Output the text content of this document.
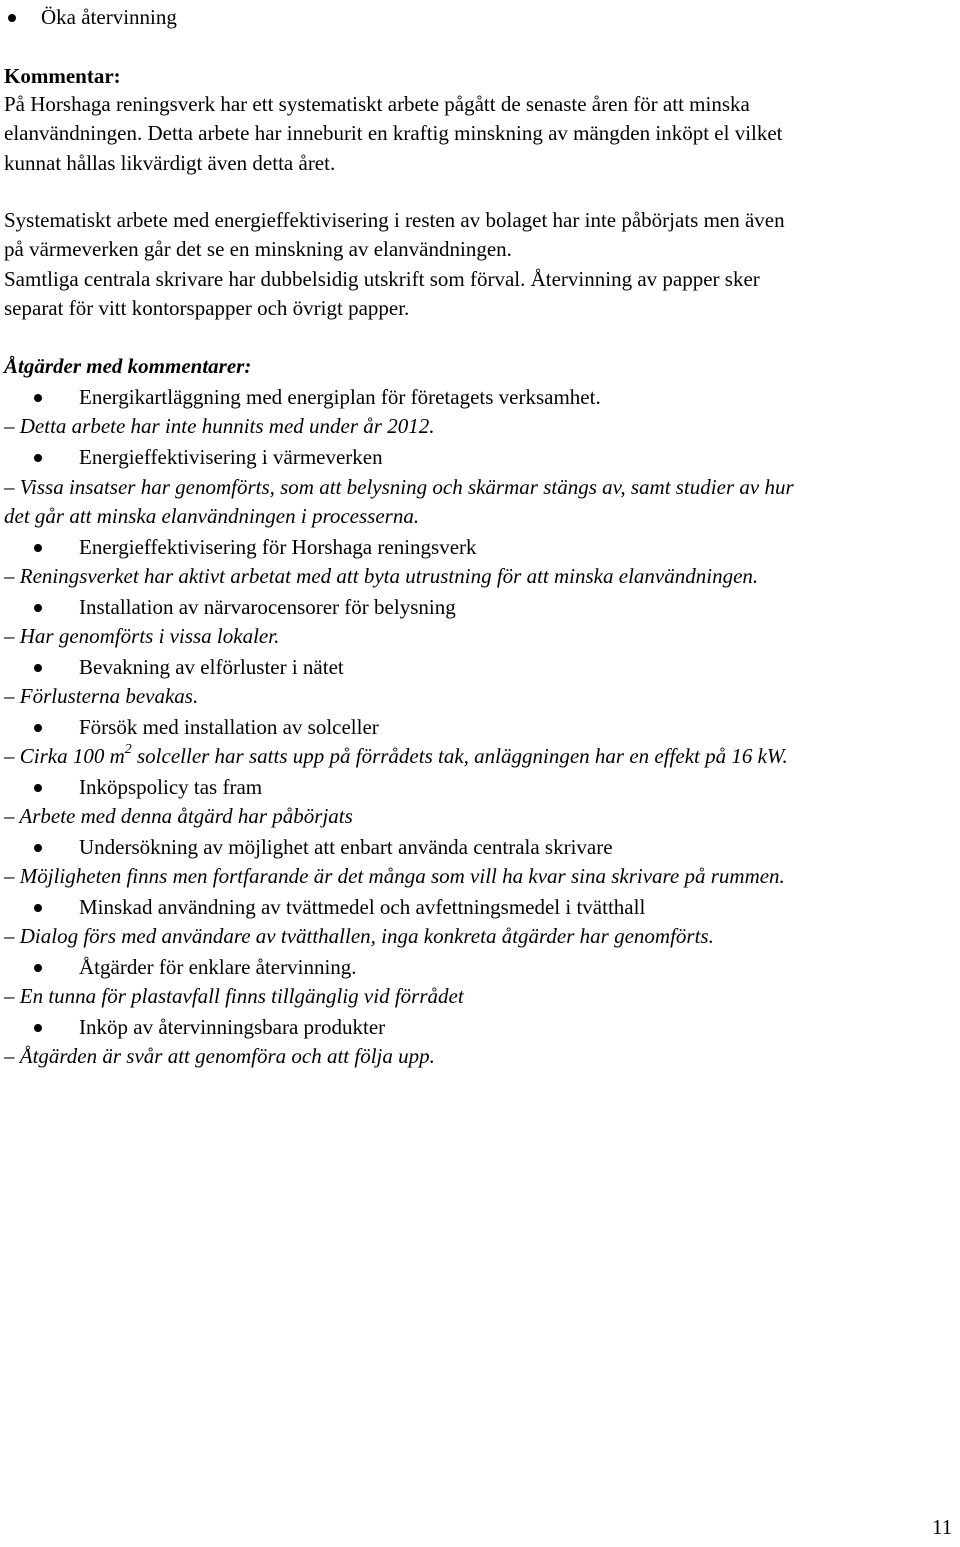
Öka återvinning
Kommentar:
På Horshaga reningsverk har ett systematiskt arbete pågått de senaste åren för att minska
elanvändningen. Detta arbete har inneburit en kraftig minskning av mängden inköpt el vilket
kunnat hållas likvärdigt även detta året.
Systematiskt arbete med energieffektivisering i resten av bolaget har inte påbörjats men även
på värmeverken går det se en minskning av elanvändningen.
Samtliga centrala skrivare har dubbelsidig utskrift som förval. Återvinning av papper sker
separat för vitt kontorspapper och övrigt papper.
Åtgärder med kommentarer:
Energikartläggning med energiplan för företagets verksamhet.
– Detta arbete har inte hunnits med under år 2012.
Energieffektivisering i värmeverken
– Vissa insatser har genomförts, som att belysning och skärmar stängs av, samt studier av hur
det går att minska elanvändningen i processerna.
Energieffektivisering för Horshaga reningsverk
– Reningsverket har aktivt arbetat med att byta utrustning för att minska elanvändningen.
Installation av närvarocensorer för belysning
– Har genomförts i vissa lokaler.
Bevakning av elförluster i nätet
– Förlusterna bevakas.
Försök med installation av solceller
– Cirka 100 $m^2$ solceller har satts upp på förrådets tak, anläggningen har en effekt på 16 kW.
Inköpspolicy tas fram
– Arbete med denna åtgärd har påbörjats
Undersökning av möjlighet att enbart använda centrala skrivare
– Möjligheten finns men fortfarande är det många som vill ha kvar sina skrivare på rummen.
Minskad användning av tvättmedel och avfettningsmedel i tvätthall
– Dialog förs med användare av tvätthallen, inga konkreta åtgärder har genomförts.
Åtgärder för enklare återvinning.
– En tunna för plastavfall finns tillgänglig vid förrådet
Inköp av återvinningsbara produkter
– Åtgärden är svår att genomföra och att följa upp.
11
